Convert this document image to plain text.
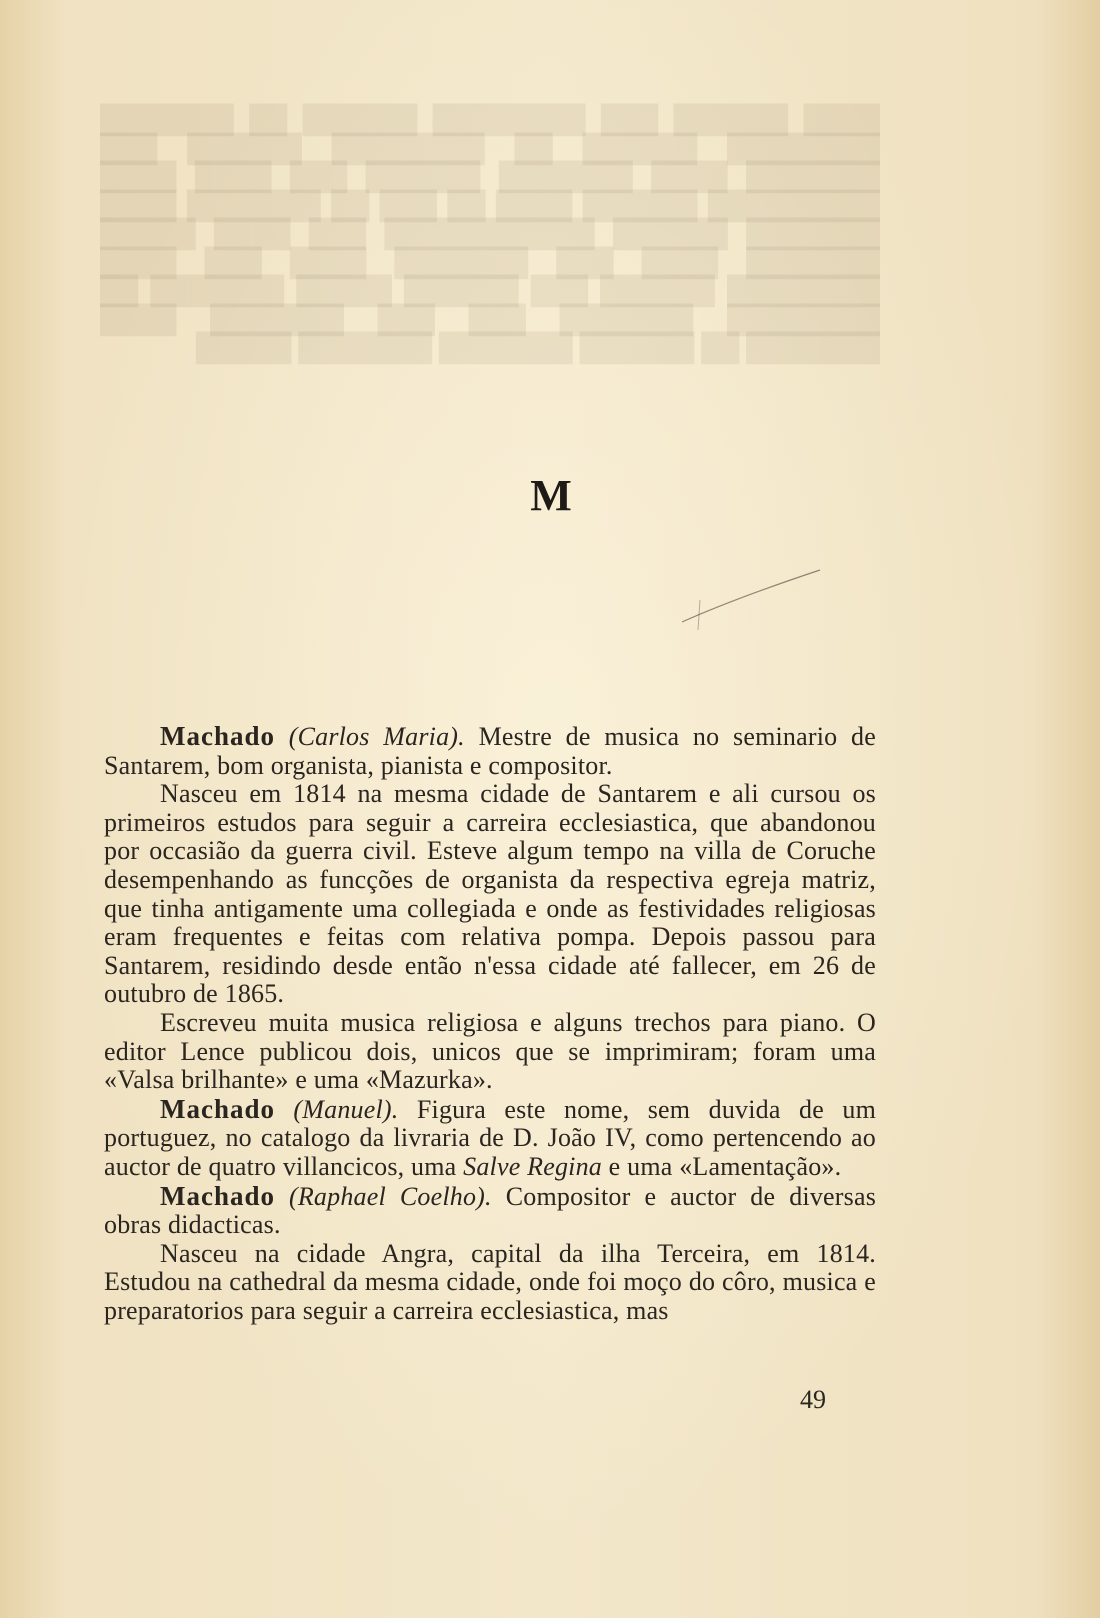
████ ██████ ███ ████████ ██████ ██ ███████ ████████ ██████ ██ ████████ ██████ ███ ███████ ████ ███████ ██████ ███ ████ ████ █████████ ██████ ████ ██ ███ ██ ███████ ████ ███████ ██████ ███████████ ███ ████ █████ ███████ ████ ███ ███████ ████ ███ ████ ████████ ██████ ███ ██████ █████ ███████ ██ ████████ ███████ ███ ███ ███████ ████ ███████ ██ ██████ ███████ ███████ █████
M

Machado (Carlos Maria). Mestre de musica no seminario de Santarem, bom organista, pianista e compositor.

Nasceu em 1814 na mesma cidade de Santarem e ali cursou os primeiros estudos para seguir a carreira ecclesiastica, que abandonou por occasião da guerra civil. Esteve algum tempo na villa de Coruche desempenhando as funcções de organista da respectiva egreja matriz, que tinha antigamente uma collegiada e onde as festividades religiosas eram frequentes e feitas com relativa pompa. Depois passou para Santarem, residindo desde então n'essa cidade até fallecer, em 26 de outubro de 1865.

Escreveu muita musica religiosa e alguns trechos para piano. O editor Lence publicou dois, unicos que se imprimiram; foram uma «Valsa brilhante» e uma «Mazurka».

Machado (Manuel). Figura este nome, sem duvida de um portuguez, no catalogo da livraria de D. João IV, como pertencendo ao auctor de quatro villancicos, uma Salve Regina e uma «Lamentação».

Machado (Raphael Coelho). Compositor e auctor de diversas obras didacticas.

Nasceu na cidade Angra, capital da ilha Terceira, em 1814. Estudou na cathedral da mesma cidade, onde foi moço do côro, musica e preparatorios para seguir a carreira ecclesiastica, mas

49
